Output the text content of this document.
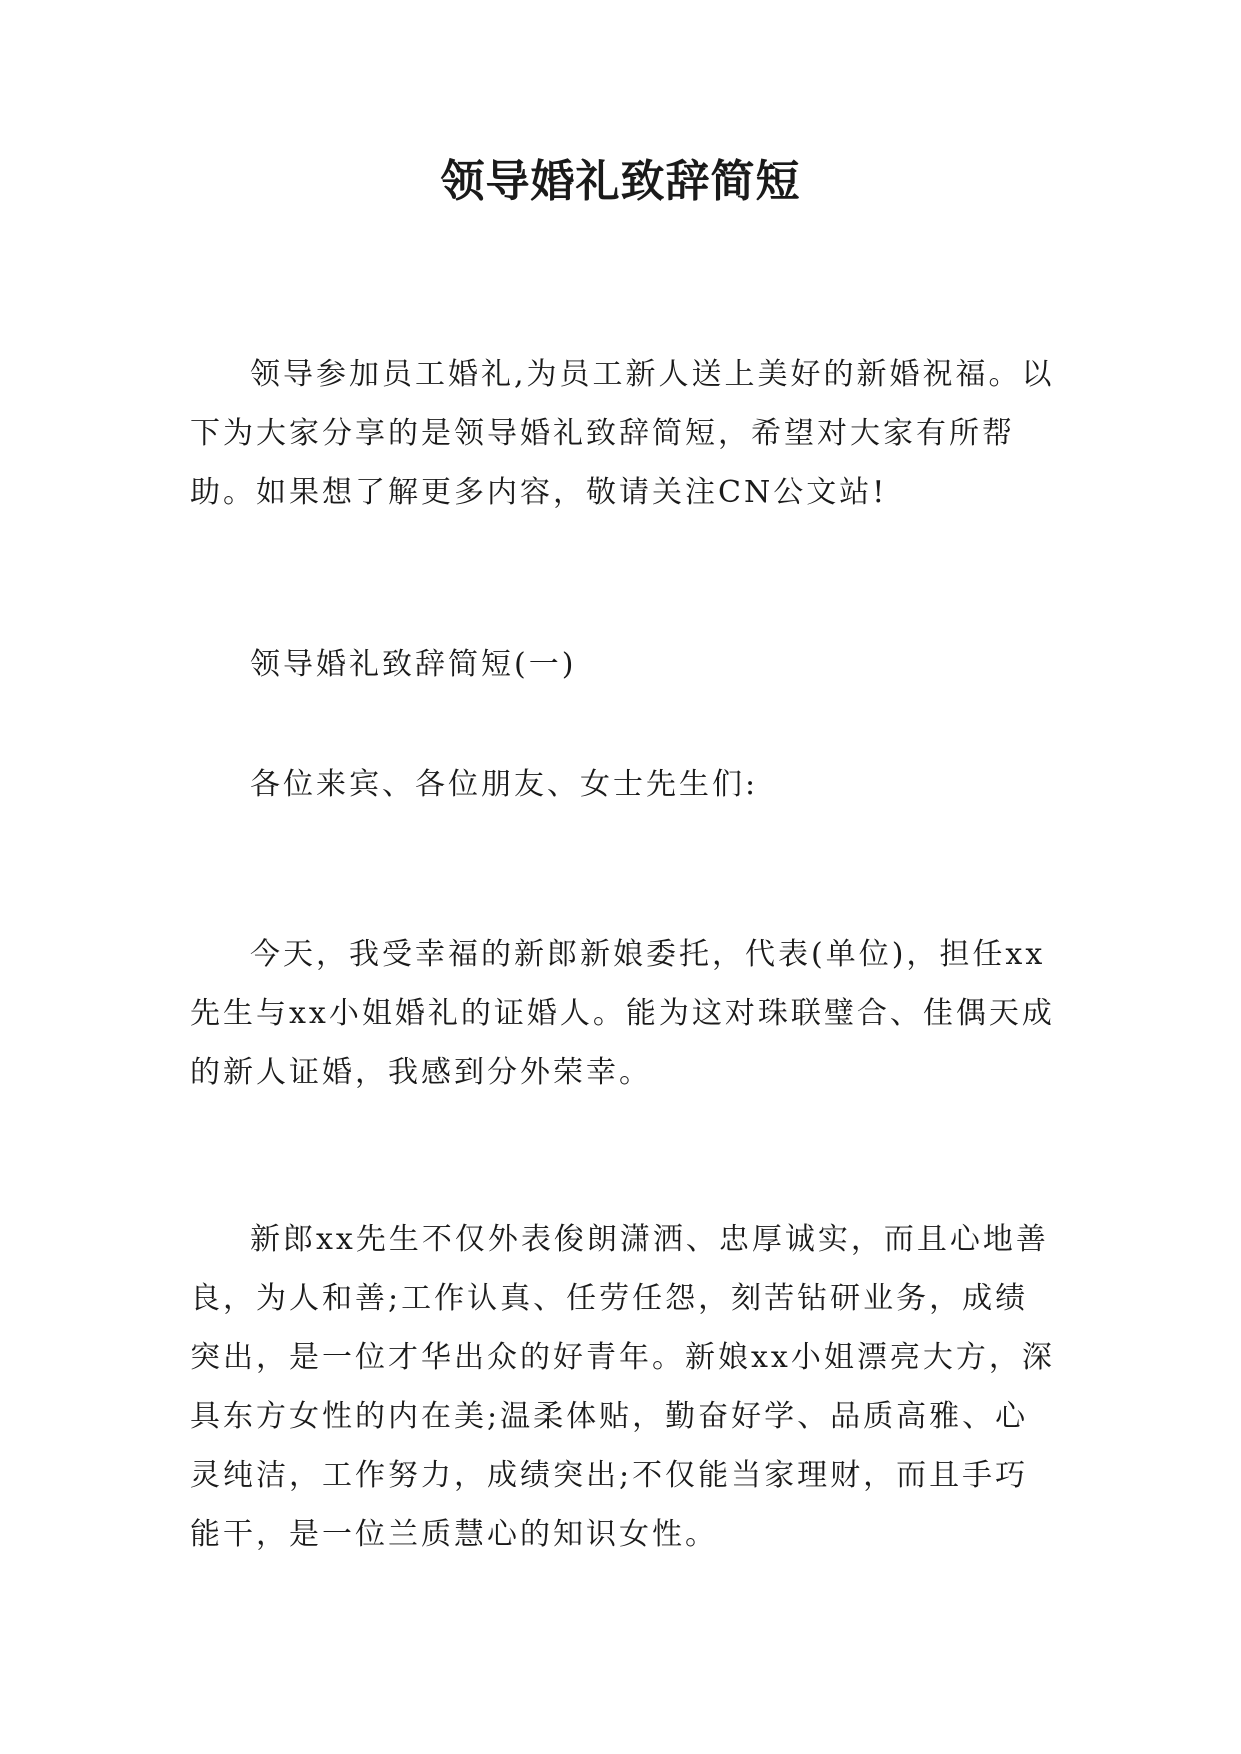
领导婚礼致辞简短

领导参加员工婚礼,为员工新人送上美好的新婚祝福。以下为大家分享的是领导婚礼致辞简短，希望对大家有所帮助。如果想了解更多内容，敬请关注CN公文站!

领导婚礼致辞简短(一)

各位来宾、各位朋友、女士先生们:

今天，我受幸福的新郎新娘委托，代表(单位)，担任xx先生与xx小姐婚礼的证婚人。能为这对珠联璧合、佳偶天成的新人证婚，我感到分外荣幸。

新郎xx先生不仅外表俊朗潇洒、忠厚诚实，而且心地善良，为人和善;工作认真、任劳任怨，刻苦钻研业务，成绩突出，是一位才华出众的好青年。新娘xx小姐漂亮大方，深具东方女性的内在美;温柔体贴，勤奋好学、品质高雅、心灵纯洁，工作努力，成绩突出;不仅能当家理财，而且手巧能干，是一位兰质慧心的知识女性。
